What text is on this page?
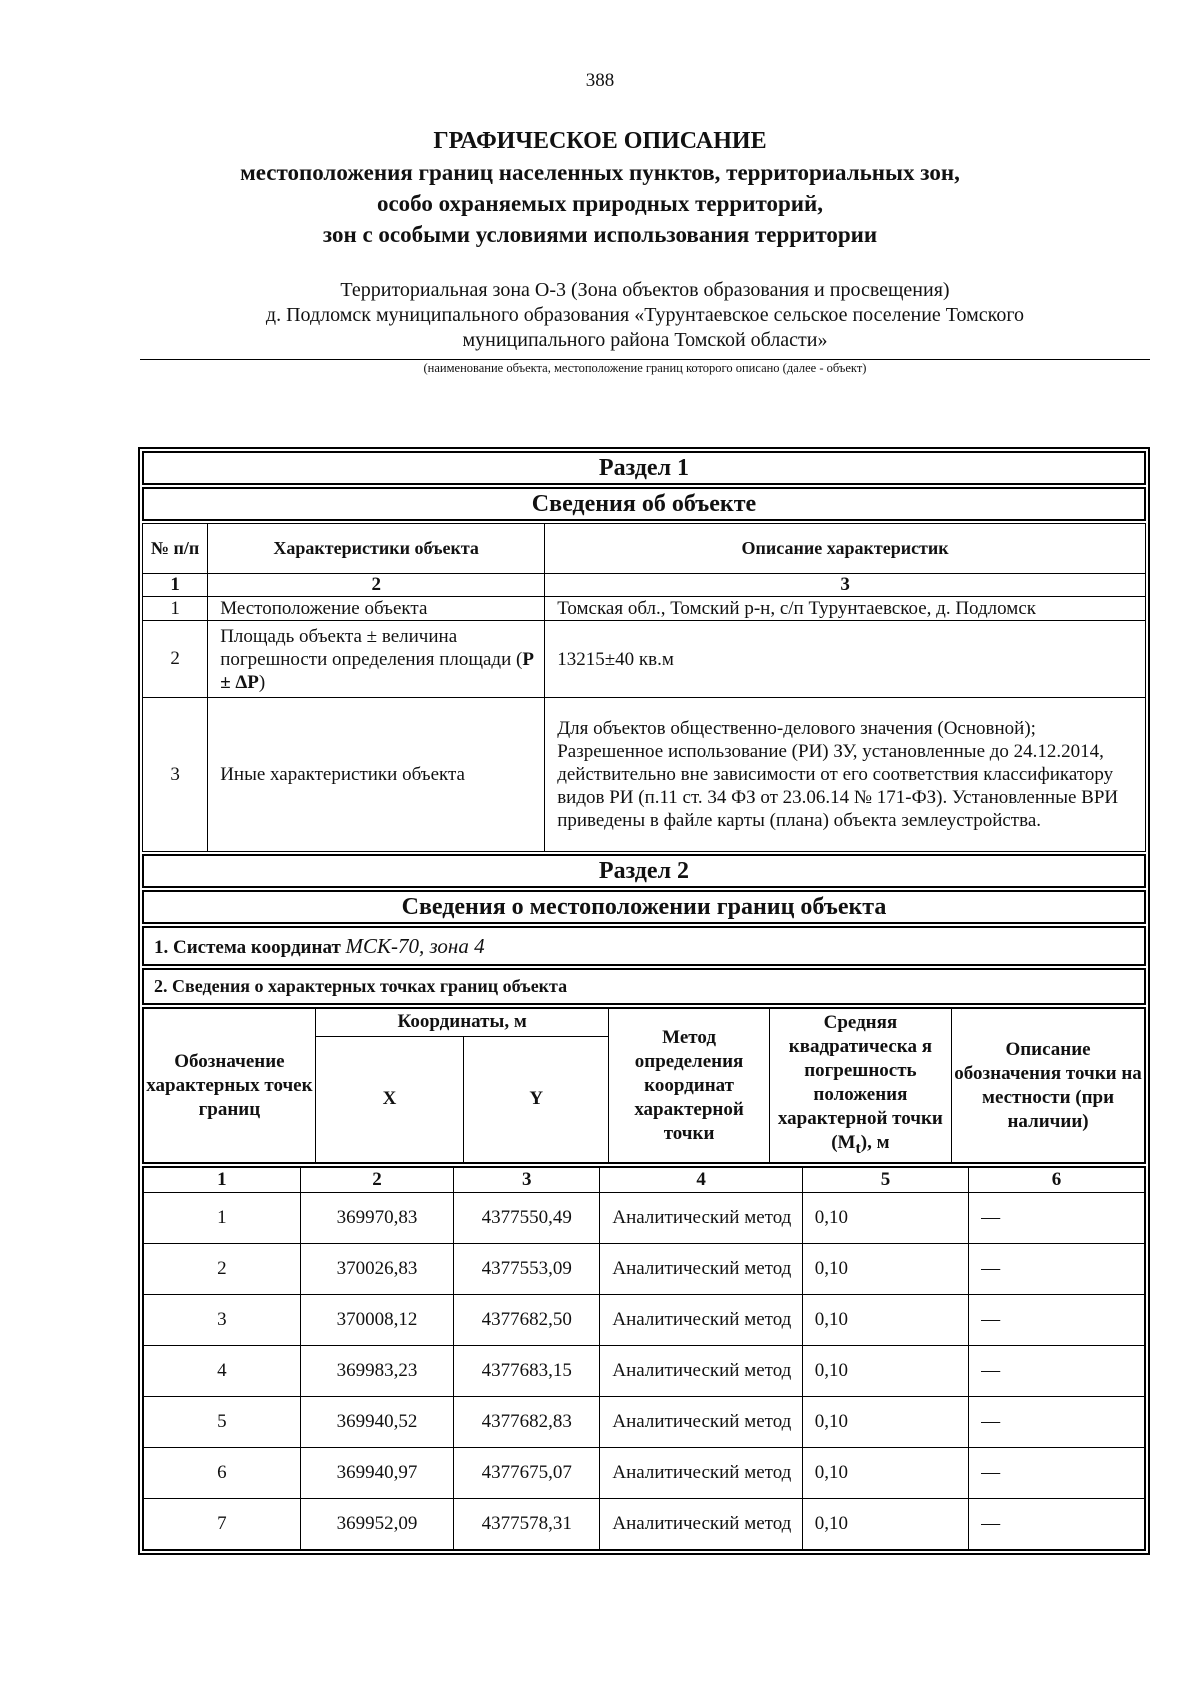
388
ГРАФИЧЕСКОЕ ОПИСАНИЕ
местоположения границ населенных пунктов, территориальных зон,
особо охраняемых природных территорий,
зон с особыми условиями использования территории
Территориальная зона О-3 (Зона объектов образования и просвещения)
д. Подломск муниципального образования «Турунтаевское сельское поселение Томского
муниципального района Томской области»
(наименование объекта, местоположение границ которого описано (далее - объект)
Раздел 1
Сведения об объекте
№ п/п	Характеристики объекта	Описание характеристик
1	2	3
1	Местоположение объекта	Томская обл., Томский р-н, с/п Турунтаевское, д. Подломск
2	Площадь объекта ± величина погрешности определения площади (P ± ΔP)	13215±40 кв.м
3	Иные характеристики объекта	Для объектов общественно-делового значения (Основной); Разрешенное использование (РИ) ЗУ, установленные до 24.12.2014, действительно вне зависимости от его соответствия классификатору видов РИ (п.11 ст. 34 ФЗ от 23.06.14 № 171-ФЗ). Установленные ВРИ приведены в файле карты (плана) объекта землеустройства.
Раздел 2
Сведения о местоположении границ объекта
1. Система координат МСК-70, зона 4
2. Сведения о характерных точках границ объекта
Обозначение характерных точек границ	Координаты, м		Метод определения координат характерной точки	Средняя квадратическа я погрешность положения характерной точки $(M_t)$, м	Описание обозначения точки на местности (при наличии)
	X	Y			
1	2	3	4	5	6
1	369970,83	4377550,49	Аналитический метод	0,10	—
2	370026,83	4377553,09	Аналитический метод	0,10	—
3	370008,12	4377682,50	Аналитический метод	0,10	—
4	369983,23	4377683,15	Аналитический метод	0,10	—
5	369940,52	4377682,83	Аналитический метод	0,10	—
6	369940,97	4377675,07	Аналитический метод	0,10	—
7	369952,09	4377578,31	Аналитический метод	0,10	—
